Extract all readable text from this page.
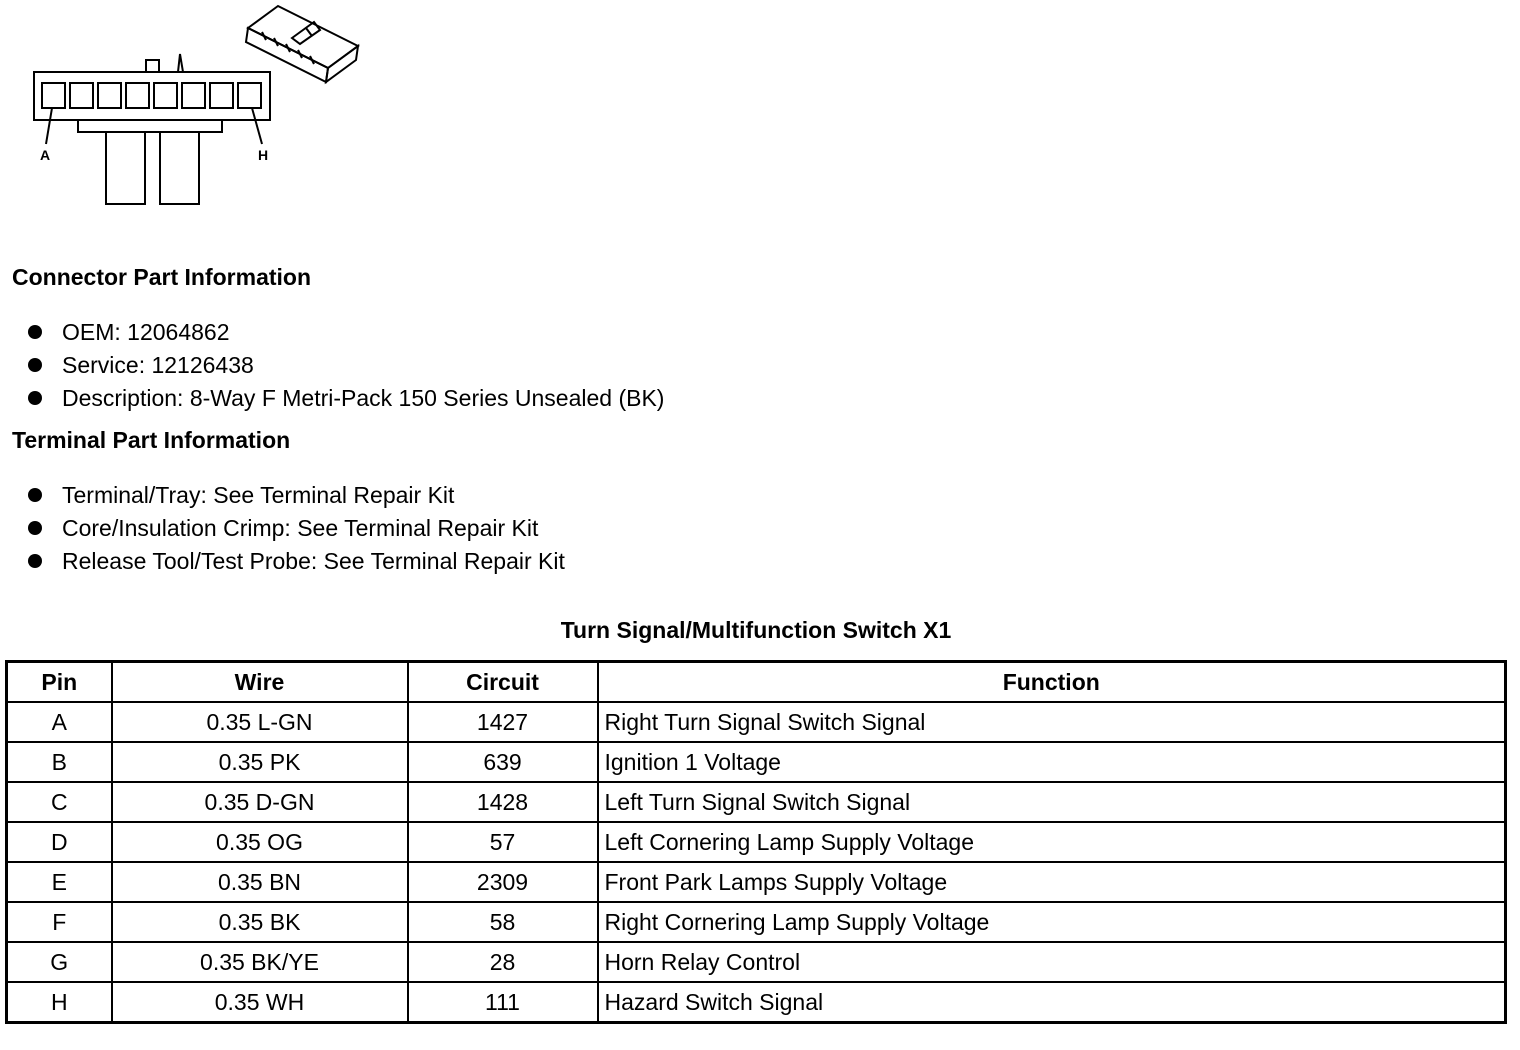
A	H
Connector Part Information
OEM: 12064862
Service: 12126438
Description: 8-Way F Metri-Pack 150 Series Unsealed (BK)
Terminal Part Information
Terminal/Tray: See Terminal Repair Kit
Core/Insulation Crimp: See Terminal Repair Kit
Release Tool/Test Probe: See Terminal Repair Kit
Turn Signal/Multifunction Switch X1
Pin	Wire	Circuit	Function
A	0.35 L-GN	1427	Right Turn Signal Switch Signal
B	0.35 PK	639	Ignition 1 Voltage
C	0.35 D-GN	1428	Left Turn Signal Switch Signal
D	0.35 OG	57	Left Cornering Lamp Supply Voltage
E	0.35 BN	2309	Front Park Lamps Supply Voltage
F	0.35 BK	58	Right Cornering Lamp Supply Voltage
G	0.35 BK/YE	28	Horn Relay Control
H	0.35 WH	111	Hazard Switch Signal
